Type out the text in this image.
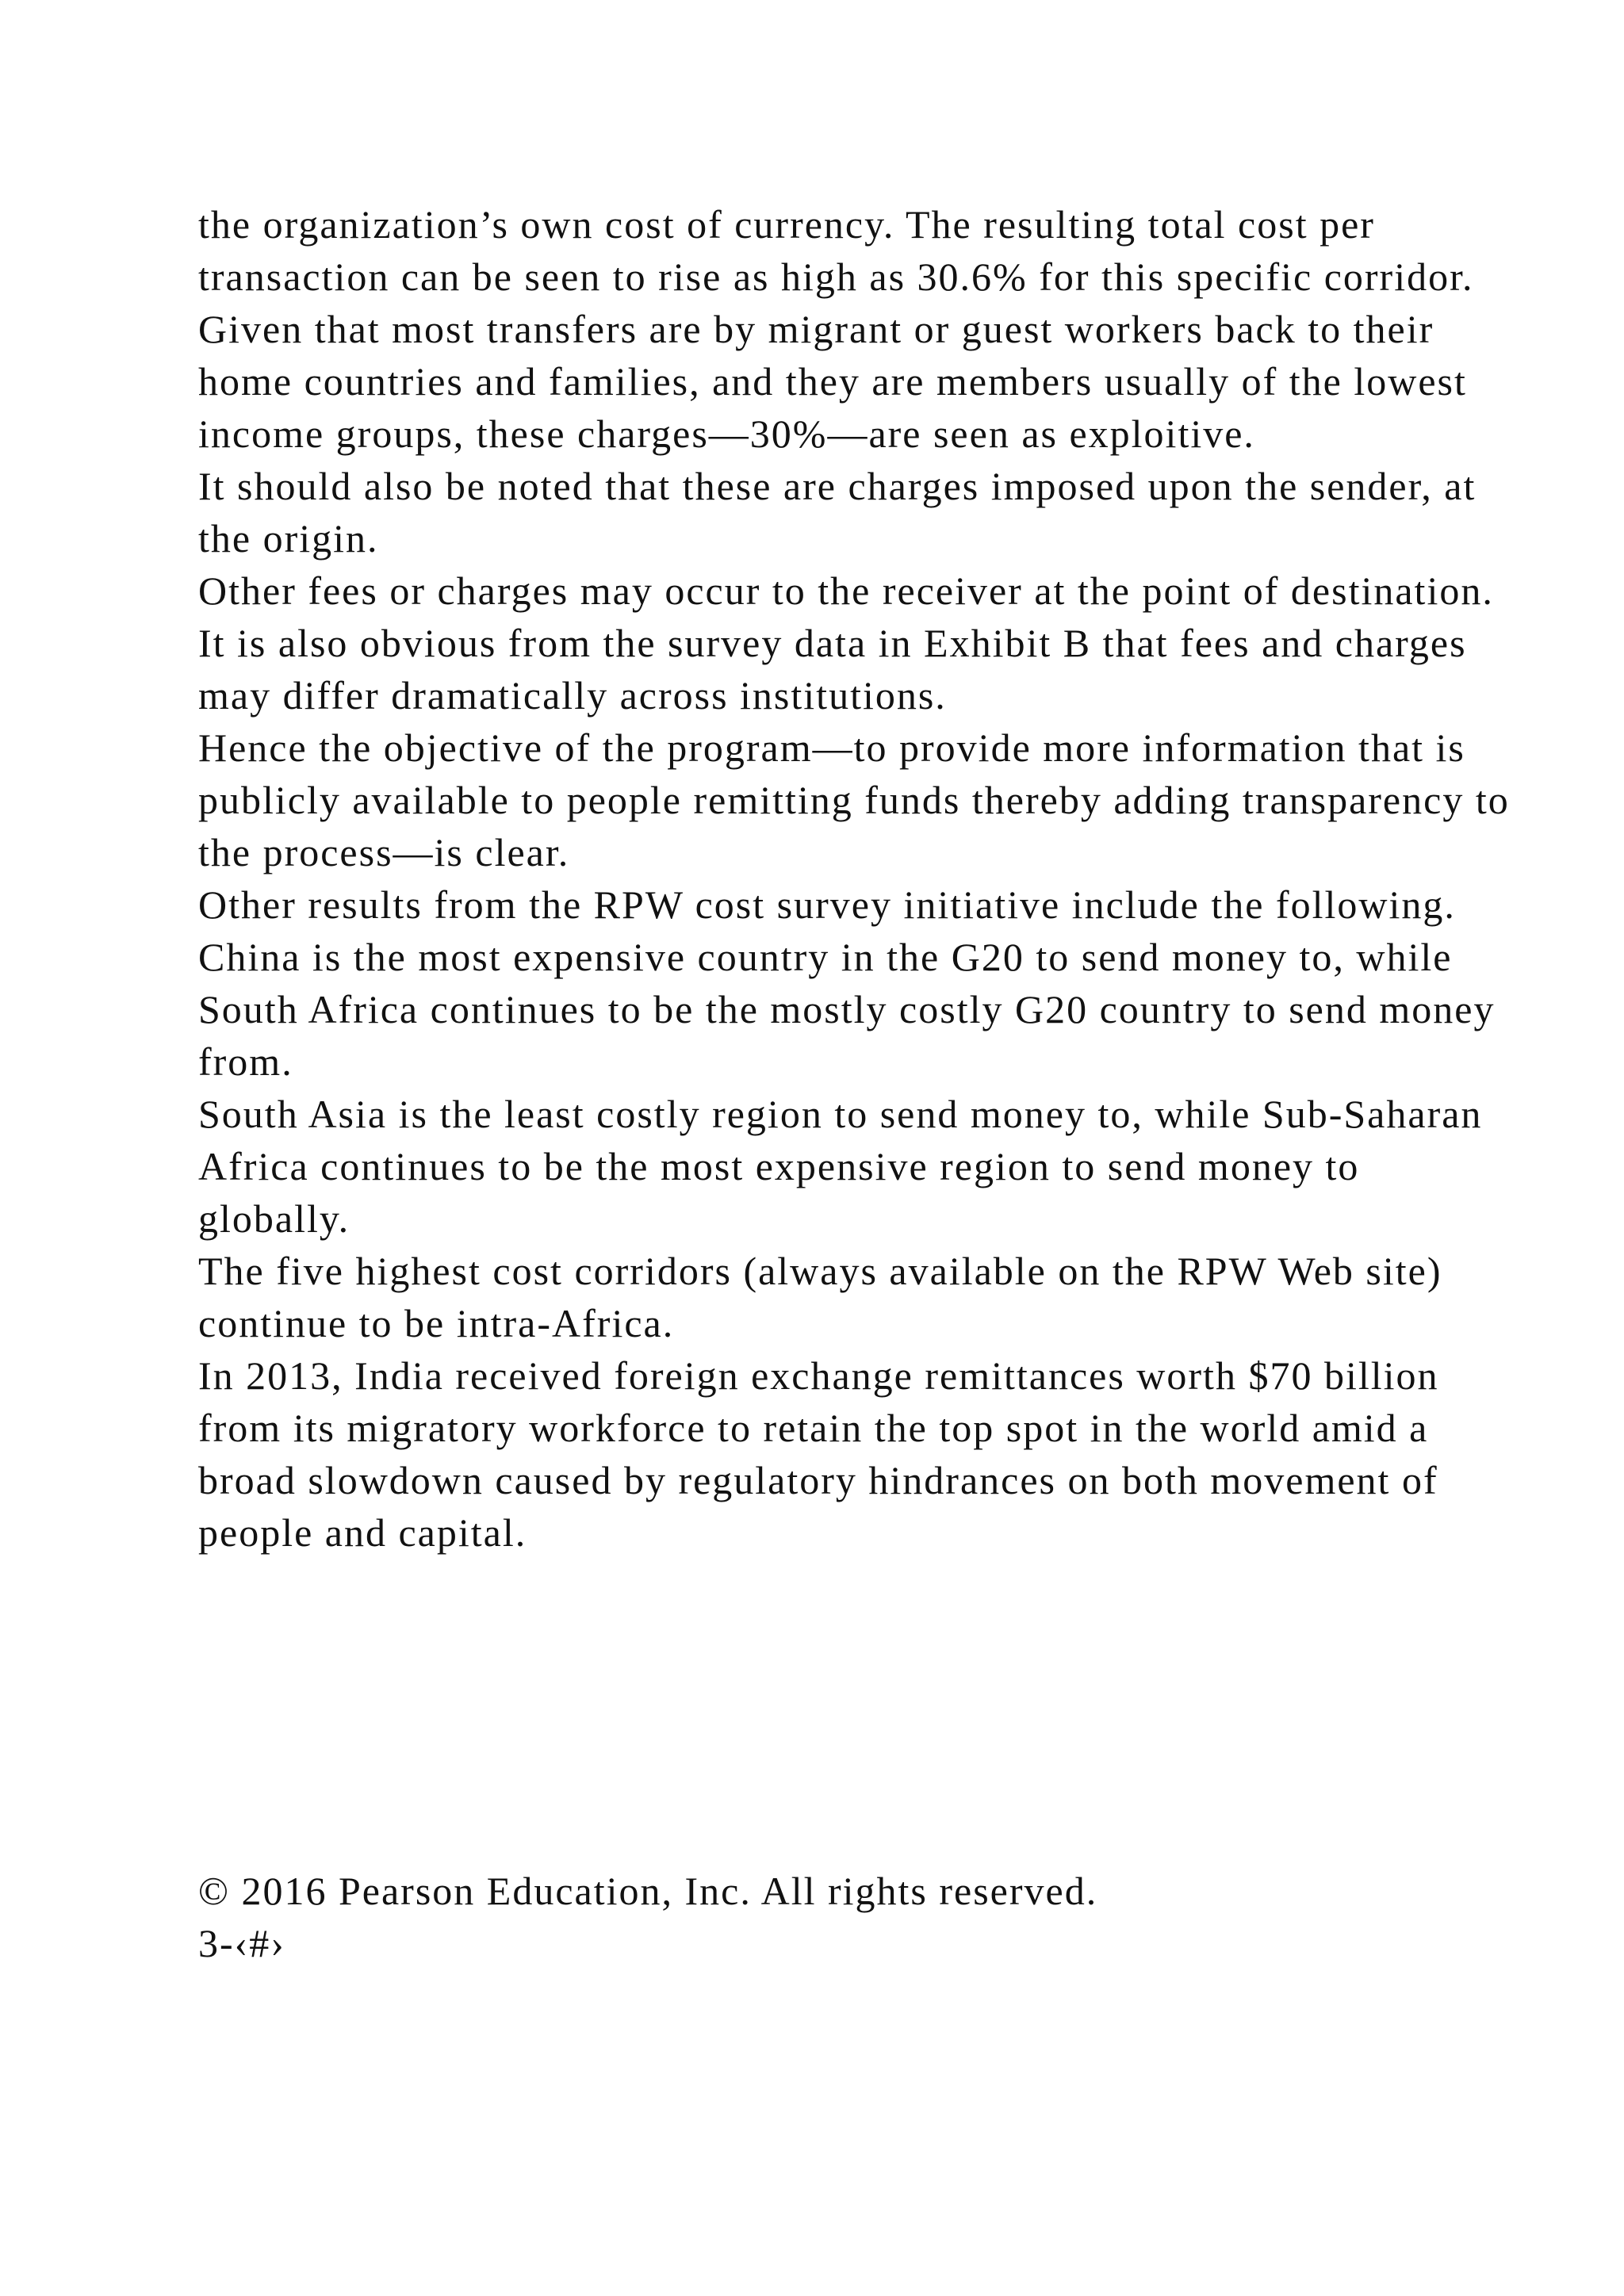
the organization’s own cost of currency. The resulting total cost per transaction can be seen to rise as high as 30.6% for this specific corridor.

Given that most transfers are by migrant or guest workers back to their home countries and families, and they are members usually of the lowest income groups, these charges—30%—are seen as exploitive.

It should also be noted that these are charges imposed upon the sender, at the origin.

Other fees or charges may occur to the receiver at the point of destination.

It is also obvious from the survey data in Exhibit B that fees and charges may differ dramatically across institutions.

Hence the objective of the program—to provide more information that is publicly available to people remitting funds thereby adding transparency to the process—is clear.

Other results from the RPW cost survey initiative include the following.

China is the most expensive country in the G20 to send money to, while South Africa continues to be the mostly costly G20 country to send money from.

South Asia is the least costly region to send money to, while Sub-Saharan Africa continues to be the most expensive region to send money to globally.

The five highest cost corridors (always available on the RPW Web site) continue to be intra-Africa.

In 2013, India received foreign exchange remittances worth $70 billion from its migratory workforce to retain the top spot in the world amid a broad slowdown caused by regulatory hindrances on both movement of people and capital.

© 2016 Pearson Education, Inc. All rights reserved.

3-‹#›
